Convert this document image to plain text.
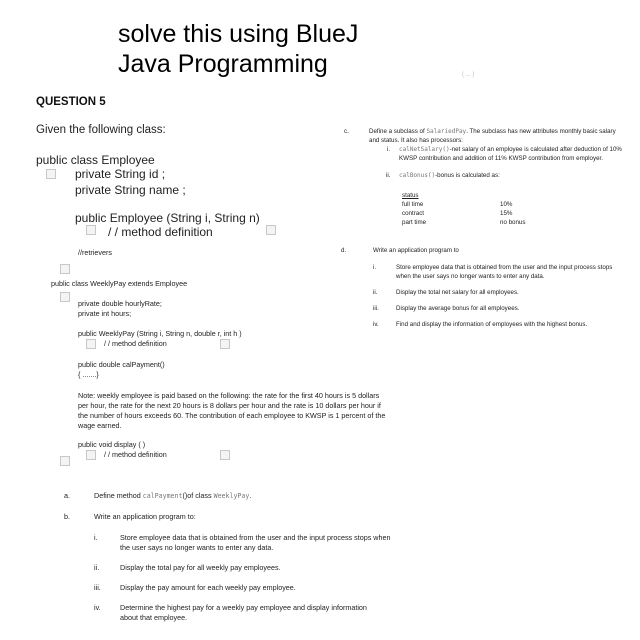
solve this using BlueJ
Java Programming	( ... )
QUESTION 5
Given the following class:
public class Employee
private String id ;
private String name ;
public Employee (String i, String n)
/ / method definition
//retrievers
public class WeeklyPay extends Employee
private double hourlyRate;
private int hours;
public WeeklyPay (String i, String n, double r, int h )
/ / method definition
public double calPayment()
{ .......}
Note: weekly employee is paid based on the following: the rate for the first 40 hours is 5 dollars per hour, the rate for the next 20 hours is 8 dollars per hour and the rate is 10 dollars per hour if the number of hours exceeds 60. The contribution of each employee to KWSP is 1 percent of the wage earned.
public void display ( )
/ / method definition
a.	Define method calPayment()of class WeeklyPay.
b.	Write an application program to:
i.	Store employee data that is obtained from the user and the input process stops when the user says no longer wants to enter any data.
ii.	Display the total pay for all weekly pay employees.
iii.	Display the pay amount for each weekly pay employee.
iv.	Determine the highest pay for a weekly pay employee and display information about that employee.
c.	Define a subclass of SalariedPay. The subclass has new attributes monthly basic salary and status. It also has processors:
i. calNetSalary()-net salary of an employee is calculated after deduction of 10% KWSP contribution and addition of 11% KWSP contribution from employer.
ii. calBonus()-bonus is calculated as:
status
full time	10%
contract	15%
part time	no bonus
d.	Write an application program to
i.	Store employee data that is obtained from the user and the input process stops when the user says no longer wants to enter any data.
ii.	Display the total net salary for all employees.
iii.	Display the average bonus for all employees.
iv.	Find and display the information of employees with the highest bonus.
